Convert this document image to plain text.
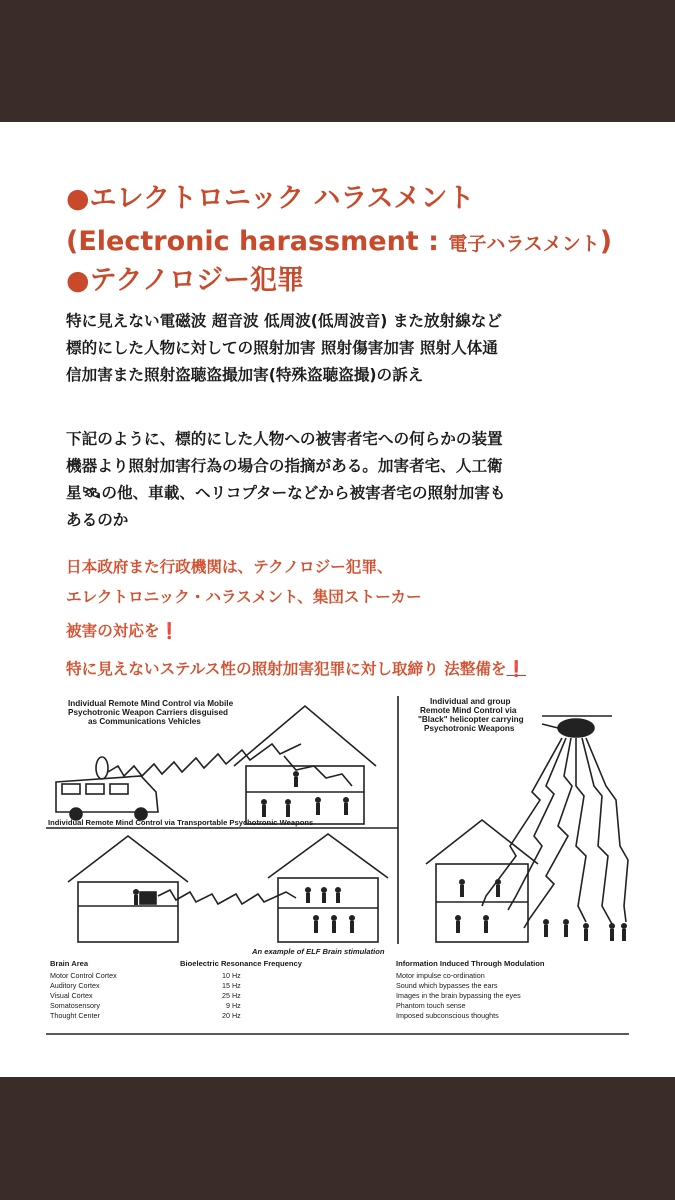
●エレクトロニック ハラスメント
(Electronic harassment : 電子ハラスメント)
●テクノロジー犯罪
特に見えない電磁波 超音波 低周波(低周波音) また放射線など
標的にした人物に対しての照射加害 照射傷害加害 照射人体通
信加害また照射盗聴盗撮加害(特殊盗聴盗撮)の訴え
下記のように、標的にした人物への被害者宅への何らかの装置
機器より照射加害行為の場合の指摘がある。加害者宅、人工衛
星🛰の他、車載、ヘリコプターなどから被害者宅の照射加害も
あるのか
日本政府また行政機関は、テクノロジー犯罪、
エレクトロニック・ハラスメント、集団ストーカー
被害の対応を❗
特に見えないステルス性の照射加害犯罪に対し取締り 法整備を❗
Individual Remote Mind Control via Mobile
Psychotronic Weapon Carriers disguised
as Communications Vehicles
Individual and group
Remote Mind Control via
"Black" helicopter carrying
Psychotronic Weapons
Individual Remote Mind Control via Transportable Psychotronic Weapons
An example of ELF Brain stimulation
Brain Area	Bioelectric Resonance Frequency	Information Induced Through Modulation
Motor Control Cortex	10 Hz	Motor impulse co-ordination
Auditory Cortex	15 Hz	Sound which bypasses the ears
Visual Cortex	25 Hz	Images in the brain bypassing the eyes
Somatosensory	9 Hz	Phantom touch sense
Thought Center	20 Hz	Imposed subconscious thoughts
